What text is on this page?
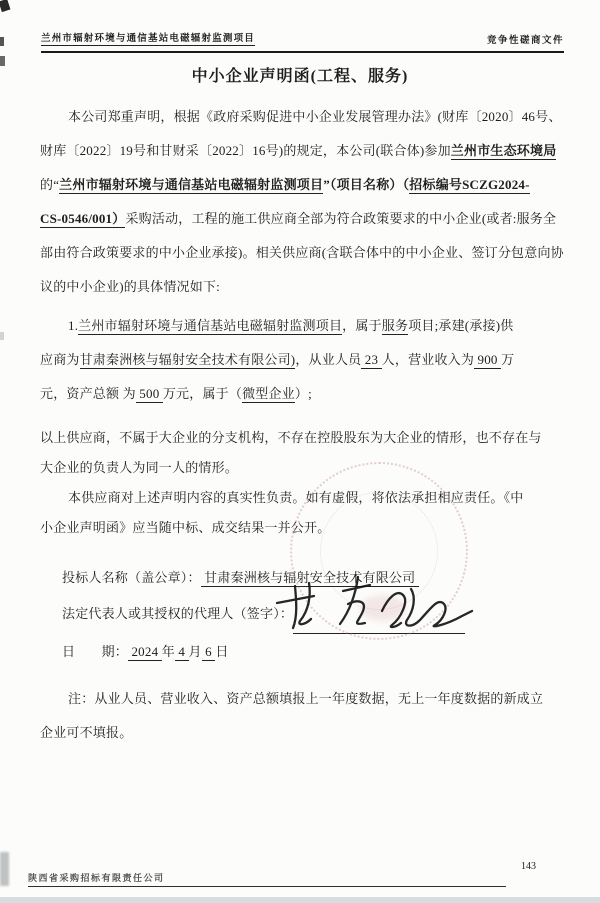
兰州市辐射环境与通信基站电磁辐射监测项目	竞争性磋商文件
中小企业声明函(工程、服务)
本公司郑重声明，根据《政府采购促进中小企业发展管理办法》(财库〔2020〕46号、
财库〔2022〕19号和甘财采〔2022〕16号)的规定，本公司(联合体)参加兰州市生态环境局
的“兰州市辐射环境与通信基站电磁辐射监测项目”（项目名称）（招标编号SCZG2024-
CS-0546/001）采购活动，工程的施工供应商全部为符合政策要求的中小企业(或者:服务全
部由符合政策要求的中小企业承接)。相关供应商(含联合体中的中小企业、签订分包意向协
议的中小企业)的具体情况如下:
1.兰州市辐射环境与通信基站电磁辐射监测项目，属于服务项目;承建(承接)供
应商为甘肃秦洲核与辐射安全技术有限公司)，从业人员 23 人，营业收入为 900 万
元，资产总额 为 500 万元，属于（微型企业）;
以上供应商，不属于大企业的分支机构，不存在控股股东为大企业的情形，也不存在与
大企业的负责人为同一人的情形。
本供应商对上述声明内容的真实性负责。如有虚假，将依法承担相应责任。《中
小企业声明函》应当随中标、成交结果一并公开。
投标人名称（盖公章）： 甘肃秦洲核与辐射安全技术有限公司
法定代表人或其授权的代理人（签字）：
日　　期： 2024 年 4 月 6 日
注：从业人员、营业收入、资产总额填报上一年度数据，无上一年度数据的新成立
企业可不填报。
陕西省采购招标有限责任公司
143
